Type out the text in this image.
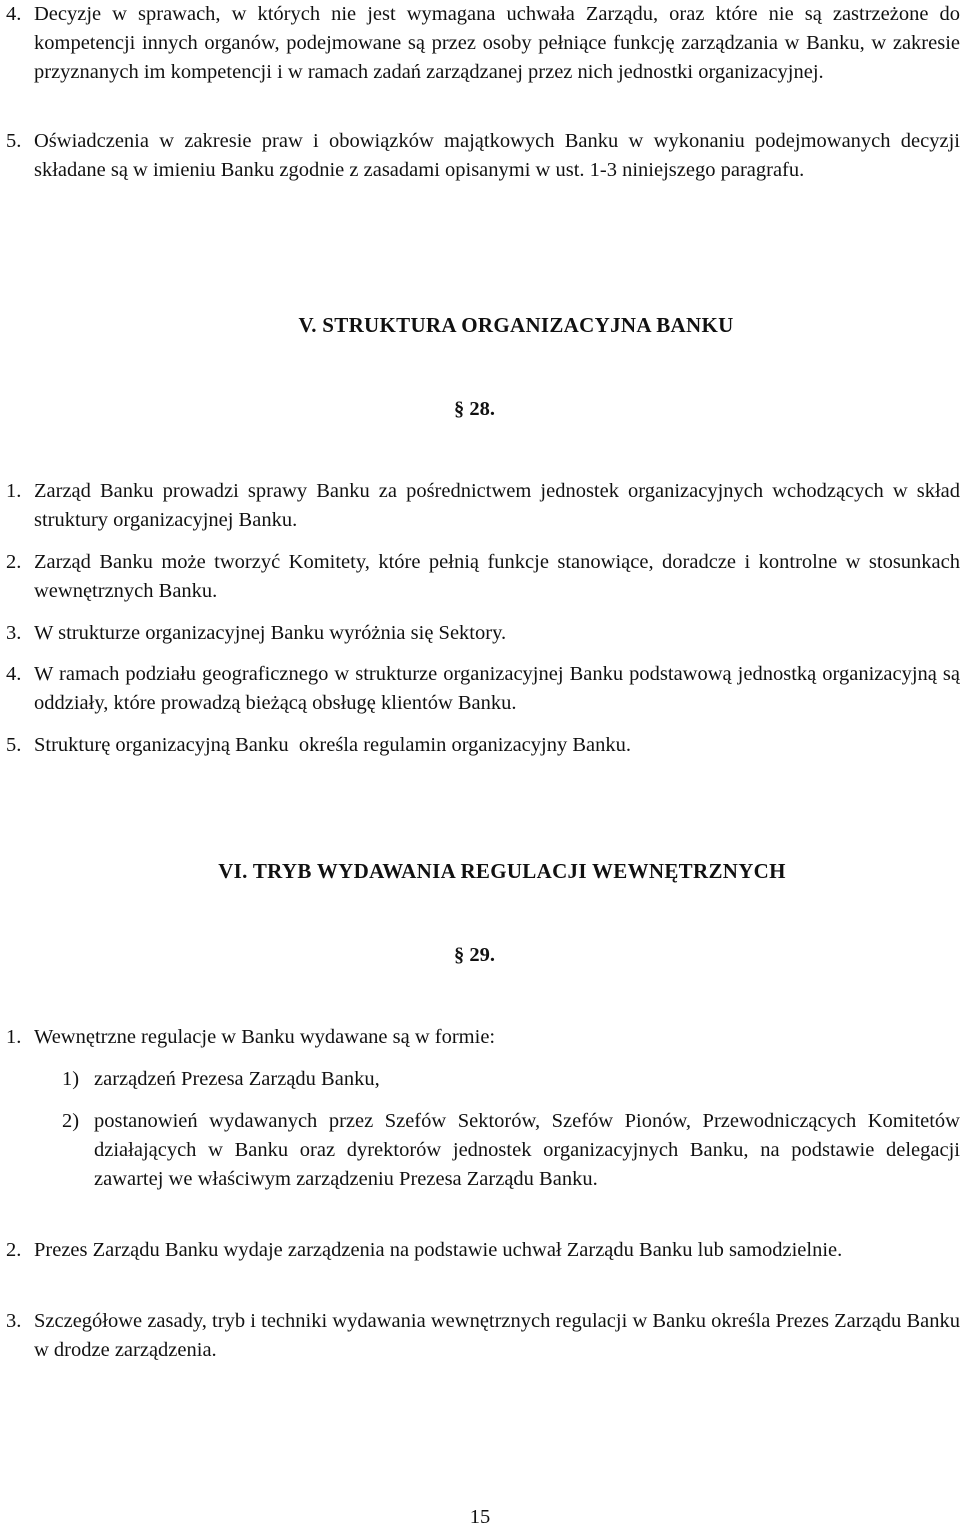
4. Decyzje w sprawach, w których nie jest wymagana uchwała Zarządu, oraz które nie są zastrzeżone do kompetencji innych organów, podejmowane są przez osoby pełniące funkcję zarządzania w Banku, w zakresie przyznanych im kompetencji i w ramach zadań zarządzanej przez nich jednostki organizacyjnej.
5. Oświadczenia w zakresie praw i obowiązków majątkowych Banku w wykonaniu podejmowanych decyzji składane są w imieniu Banku zgodnie z zasadami opisanymi w ust. 1-3 niniejszego paragrafu.
V. STRUKTURA ORGANIZACYJNA BANKU

§ 28.

1. Zarząd Banku prowadzi sprawy Banku za pośrednictwem jednostek organizacyjnych wchodzących w skład struktury organizacyjnej Banku.
2. Zarząd Banku może tworzyć Komitety, które pełnią funkcje stanowiące, doradcze i kontrolne w stosunkach wewnętrznych Banku.
3. W strukturze organizacyjnej Banku wyróżnia się Sektory.
4. W ramach podziału geograficznego w strukturze organizacyjnej Banku podstawową jednostką organizacyjną są oddziały, które prowadzą bieżącą obsługę klientów Banku.
5. Strukturę organizacyjną Banku  określa regulamin organizacyjny Banku.
VI. TRYB WYDAWANIA REGULACJI WEWNĘTRZNYCH

§ 29.

1. Wewnętrzne regulacje w Banku wydawane są w formie:
1) zarządzeń Prezesa Zarządu Banku,
2) postanowień wydawanych przez Szefów Sektorów, Szefów Pionów, Przewodniczących Komitetów działających w Banku oraz dyrektorów jednostek organizacyjnych Banku, na podstawie delegacji zawartej we właściwym zarządzeniu Prezesa Zarządu Banku.
2. Prezes Zarządu Banku wydaje zarządzenia na podstawie uchwał Zarządu Banku lub samodzielnie.
3. Szczegółowe zasady, tryb i techniki wydawania wewnętrznych regulacji w Banku określa Prezes Zarządu Banku w drodze zarządzenia.

15
